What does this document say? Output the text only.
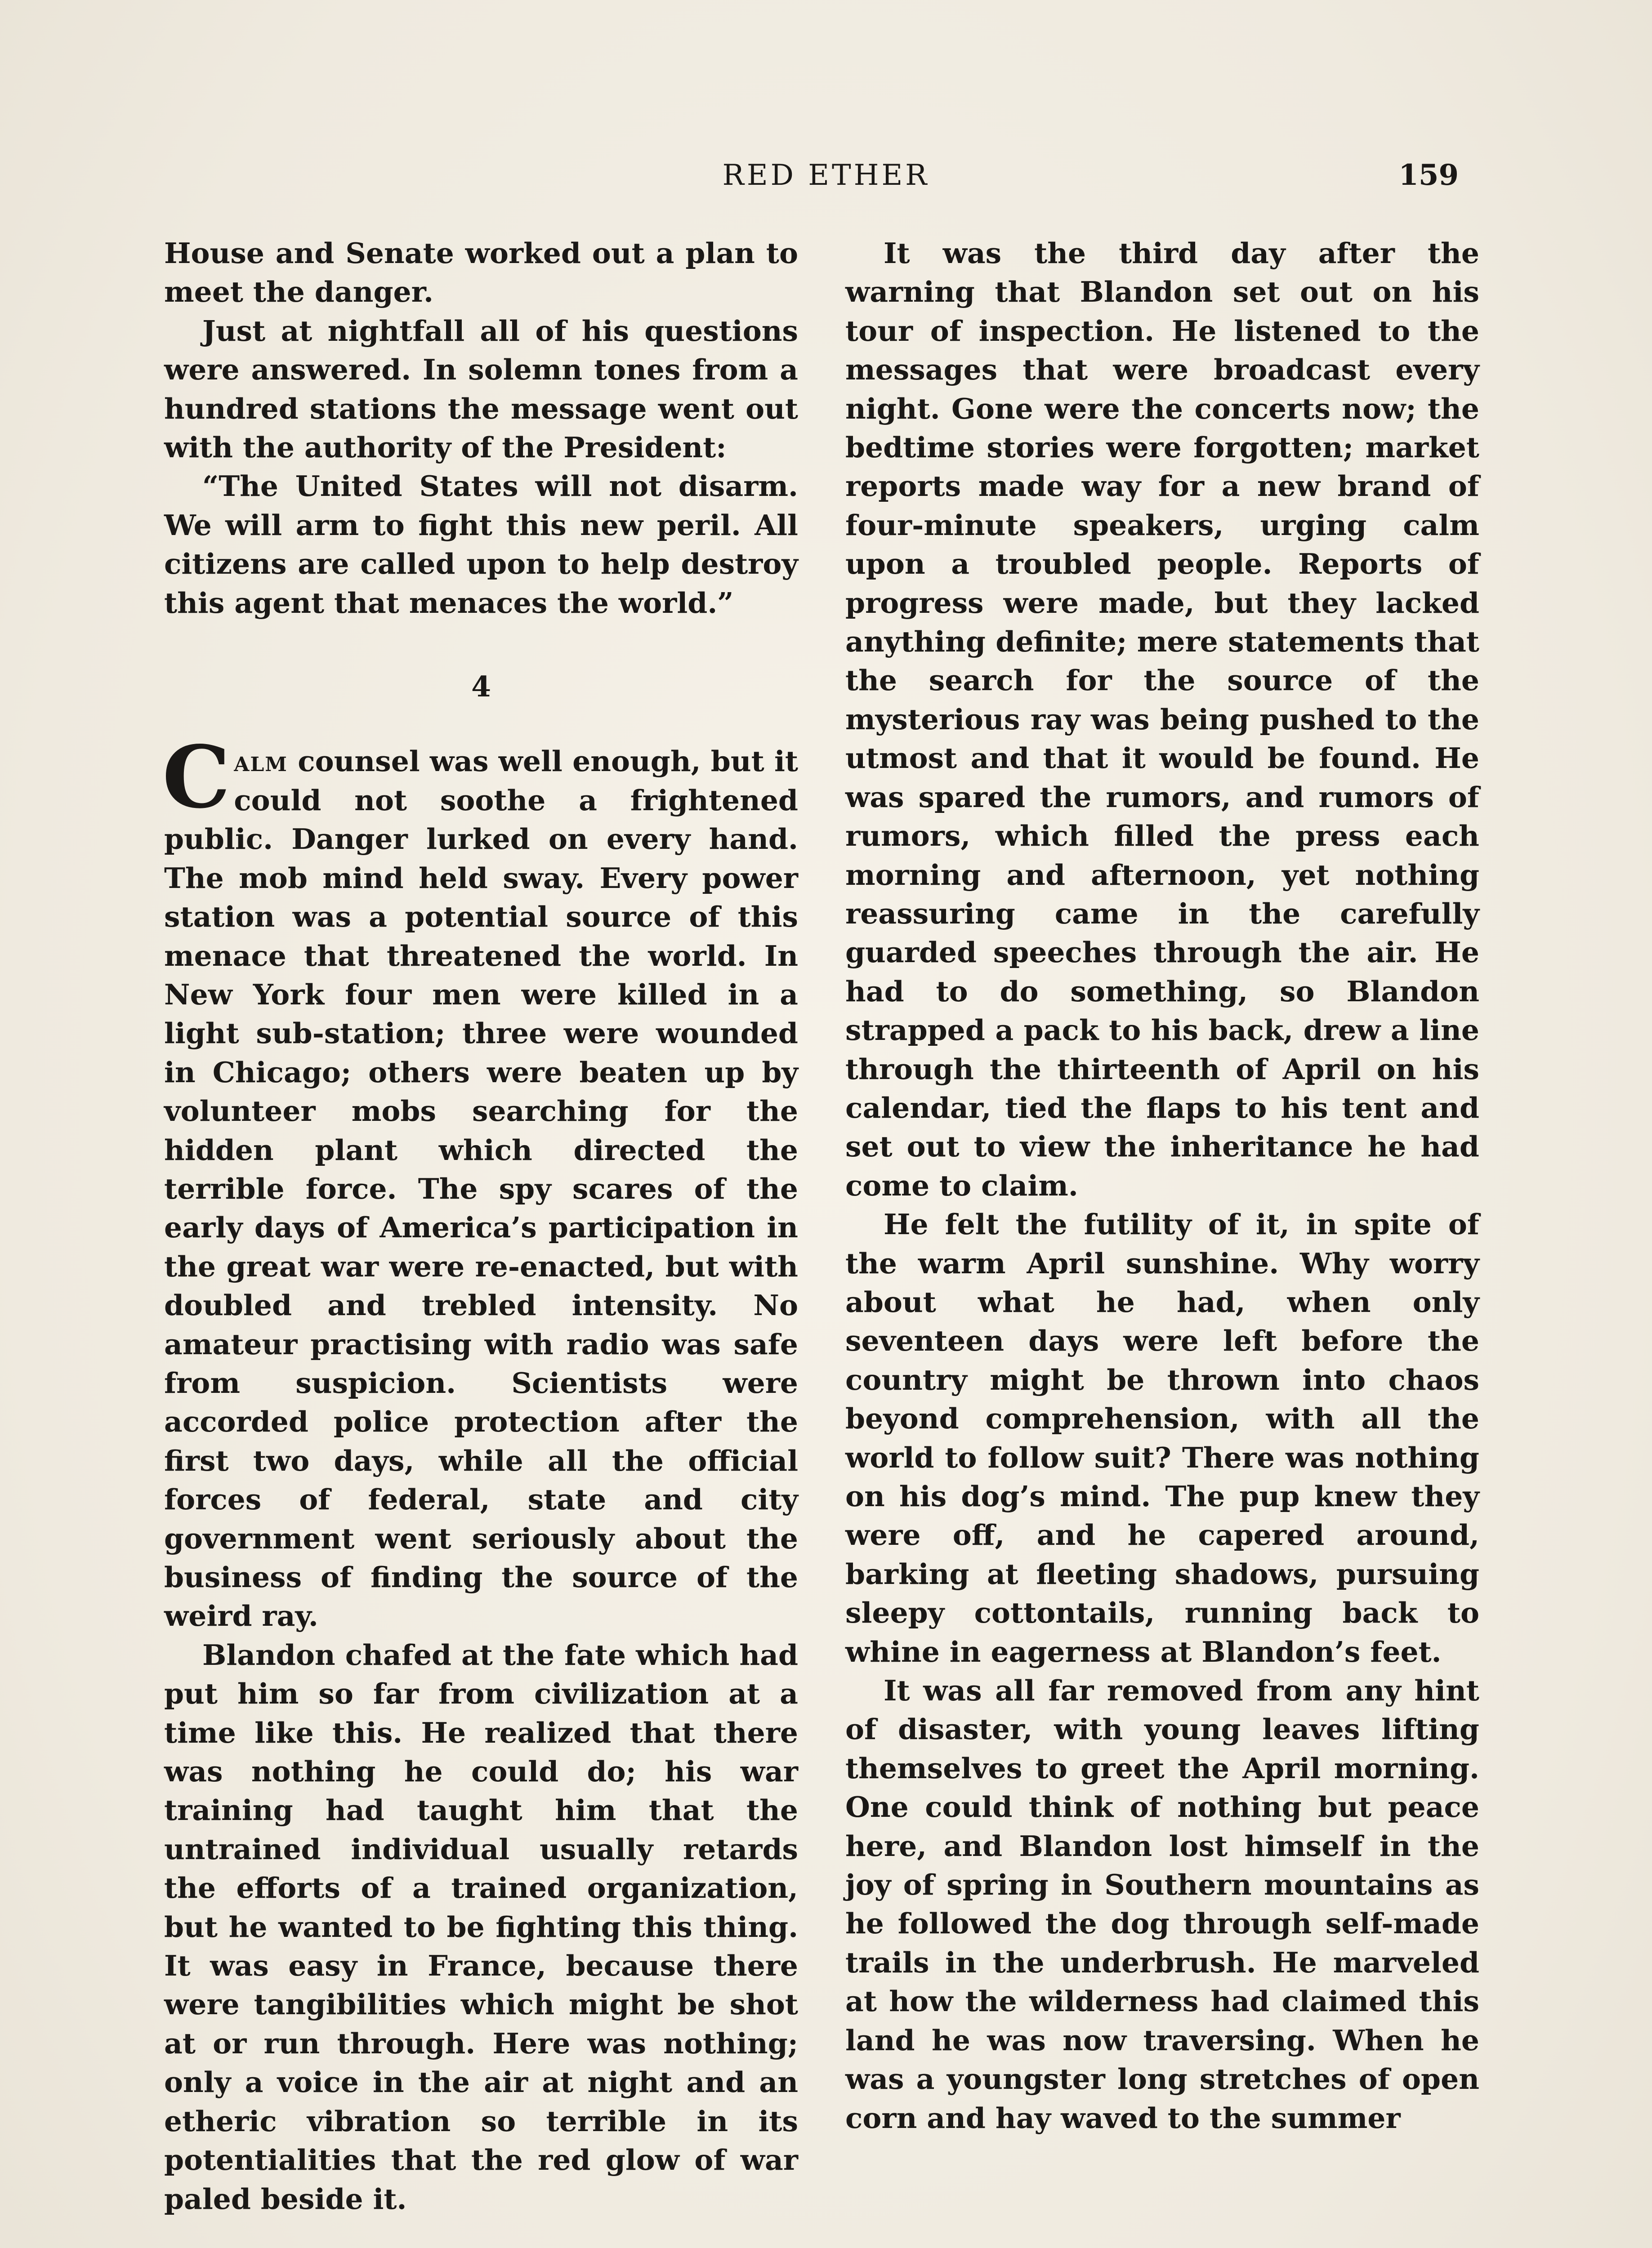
RED ETHER	159

House and Senate worked out a plan to meet the danger.

Just at nightfall all of his questions were answered. In solemn tones from a hundred stations the message went out with the authority of the President:

“The United States will not disarm. We will arm to fight this new peril. All citizens are called upon to help destroy this agent that menaces the world.”

4

Calm counsel was well enough, but it could not soothe a frightened public. Danger lurked on every hand. The mob mind held sway. Every power station was a potential source of this menace that threatened the world. In New York four men were killed in a light sub-station; three were wounded in Chicago; others were beaten up by volunteer mobs searching for the hidden plant which directed the terrible force. The spy scares of the early days of America’s participation in the great war were re-enacted, but with doubled and trebled intensity. No amateur practising with radio was safe from suspicion. Scientists were accorded police protection after the first two days, while all the official forces of federal, state and city government went seriously about the business of finding the source of the weird ray.

Blandon chafed at the fate which had put him so far from civilization at a time like this. He realized that there was nothing he could do; his war training had taught him that the untrained individual usually retards the efforts of a trained organization, but he wanted to be fighting this thing. It was easy in France, because there were tangibilities which might be shot at or run through. Here was nothing; only a voice in the air at night and an etheric vibration so terrible in its potentialities that the red glow of war paled beside it.

It was the third day after the warning that Blandon set out on his tour of inspection. He listened to the messages that were broadcast every night. Gone were the concerts now; the bedtime stories were forgotten; market reports made way for a new brand of four-minute speakers, urging calm upon a troubled people. Reports of progress were made, but they lacked anything definite; mere statements that the search for the source of the mysterious ray was being pushed to the utmost and that it would be found. He was spared the rumors, and rumors of rumors, which filled the press each morning and afternoon, yet nothing reassuring came in the carefully guarded speeches through the air. He had to do something, so Blandon strapped a pack to his back, drew a line through the thirteenth of April on his calendar, tied the flaps to his tent and set out to view the inheritance he had come to claim.

He felt the futility of it, in spite of the warm April sunshine. Why worry about what he had, when only seventeen days were left before the country might be thrown into chaos beyond comprehension, with all the world to follow suit? There was nothing on his dog’s mind. The pup knew they were off, and he capered around, barking at fleeting shadows, pursuing sleepy cottontails, running back to whine in eagerness at Blandon’s feet.

It was all far removed from any hint of disaster, with young leaves lifting themselves to greet the April morning. One could think of nothing but peace here, and Blandon lost himself in the joy of spring in Southern mountains as he followed the dog through self-made trails in the underbrush. He marveled at how the wilderness had claimed this land he was now traversing. When he was a youngster long stretches of open corn and hay waved to the summer
